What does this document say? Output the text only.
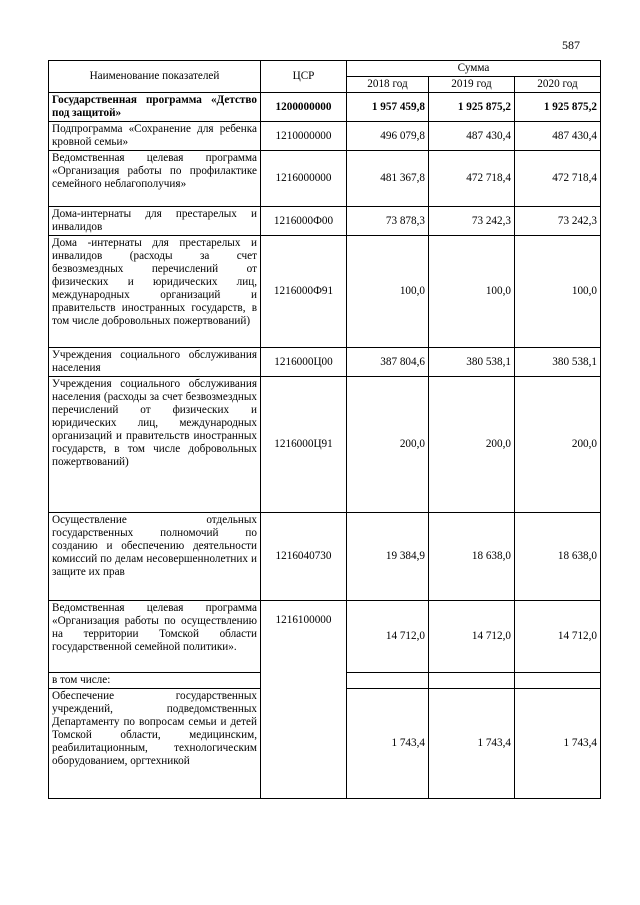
587
Наименование показателей	ЦСР	Сумма		
		2018 год	2019 год	2020 год
Государственная программа «Детство под защитой»	1200000000	1 957 459,8	1 925 875,2	1 925 875,2
Подпрограмма «Сохранение для ребенка кровной семьи»	1210000000	496 079,8	487 430,4	487 430,4
Ведомственная целевая программа «Организация работы по профилактике семейного неблагополучия»	1216000000	481 367,8	472 718,4	472 718,4
Дома-интернаты для престарелых и инвалидов	1216000Ф00	73 878,3	73 242,3	73 242,3
Дома -интернаты для престарелых и инвалидов (расходы за счет безвозмездных перечислений от физических и юридических лиц, международных организаций и правительств иностранных государств, в том числе добровольных пожертвований)	1216000Ф91	100,0	100,0	100,0
Учреждения социального обслуживания населения	1216000Ц00	387 804,6	380 538,1	380 538,1
Учреждения социального обслуживания населения (расходы за счет безвозмездных перечислений от физических и юридических лиц, международных организаций и правительств иностранных государств, в том числе добровольных пожертвований)	1216000Ц91	200,0	200,0	200,0
Осуществление отдельных государственных полномочий по созданию и обеспечению деятельности комиссий по делам несовершеннолетних и защите их прав	1216040730	19 384,9	18 638,0	18 638,0
Ведомственная целевая программа «Организация работы по осуществлению на территории Томской области государственной семейной политики».	1216100000	14 712,0	14 712,0	14 712,0
в том числе:				
Обеспечение государственных учреждений, подведомственных Департаменту по вопросам семьи и детей Томской области, медицинским, реабилитационным, технологическим оборудованием, оргтехникой		1 743,4	1 743,4	1 743,4
